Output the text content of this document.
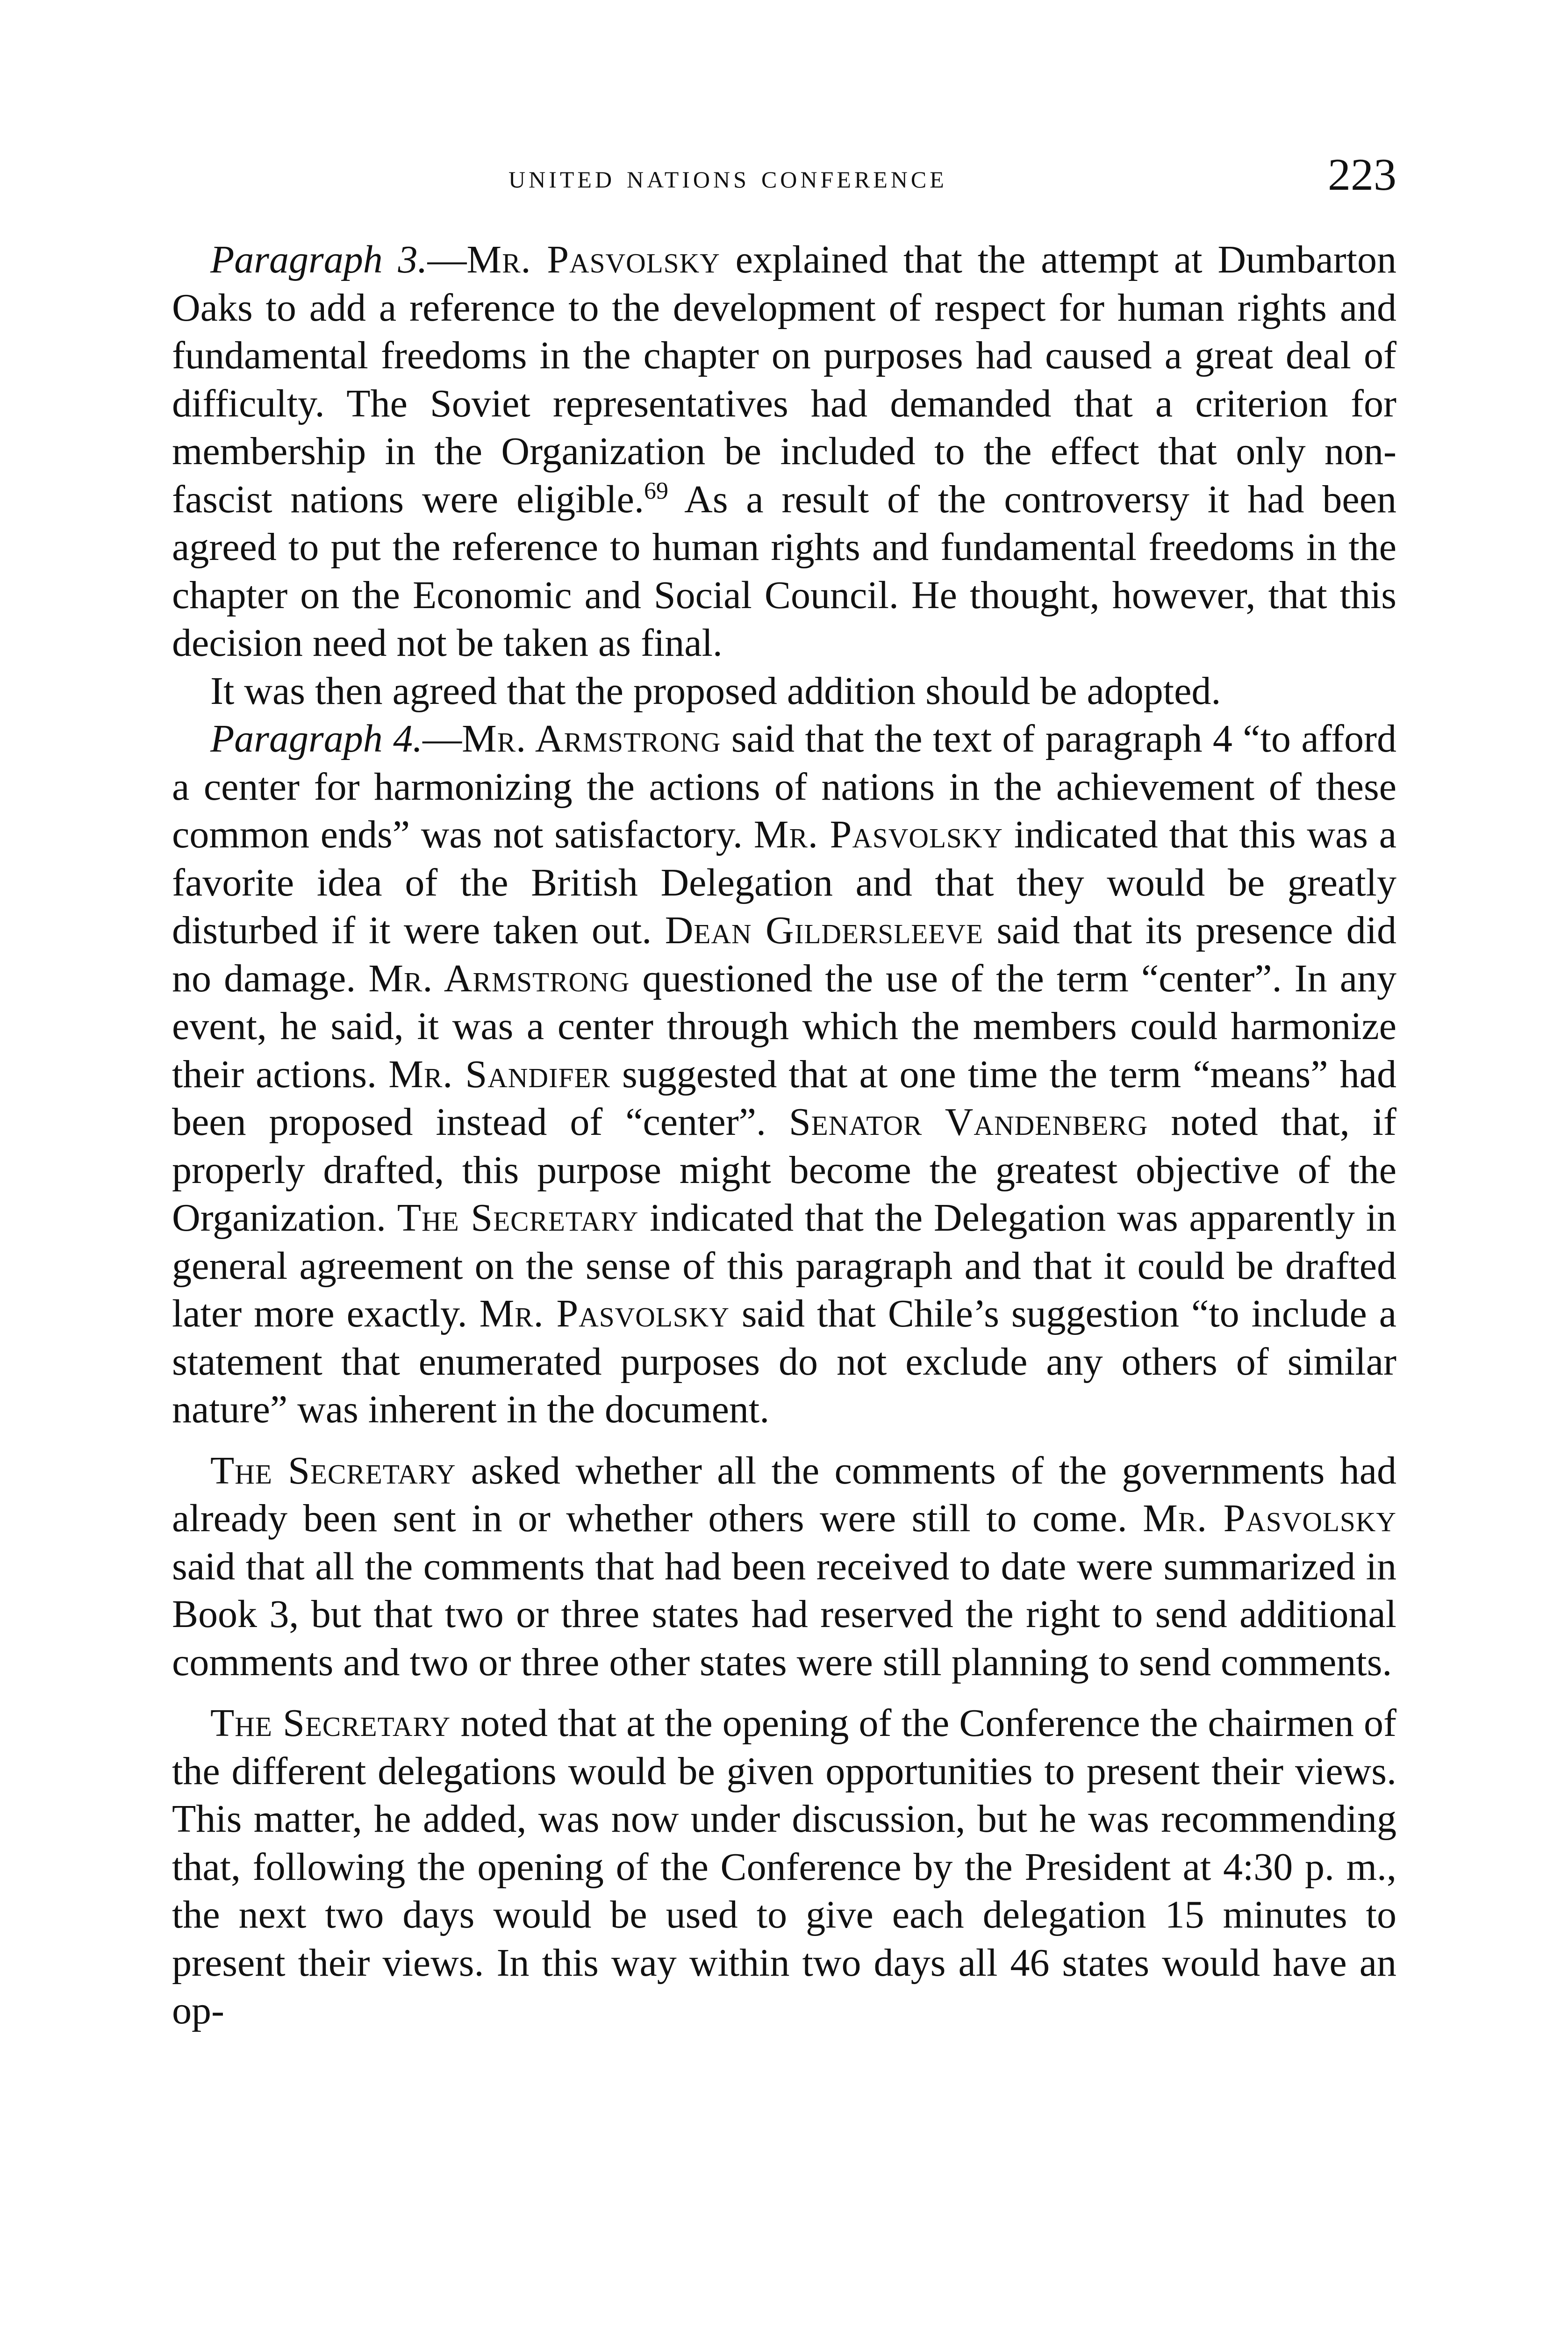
united nations conference	223

Paragraph 3.—Mr. Pasvolsky explained that the attempt at Dumbarton Oaks to add a reference to the development of respect for human rights and fundamental freedoms in the chapter on purposes had caused a great deal of difficulty. The Soviet representatives had demanded that a criterion for membership in the Organization be included to the effect that only non-fascist nations were eligible.$^{69}$ As a result of the controversy it had been agreed to put the reference to human rights and fundamental freedoms in the chapter on the Economic and Social Council. He thought, however, that this decision need not be taken as final.

It was then agreed that the proposed addition should be adopted.

Paragraph 4.—Mr. Armstrong said that the text of paragraph 4 “to afford a center for harmonizing the actions of nations in the achievement of these common ends” was not satisfactory. Mr. Pasvolsky indicated that this was a favorite idea of the British Delegation and that they would be greatly disturbed if it were taken out. Dean Gildersleeve said that its presence did no damage. Mr. Armstrong questioned the use of the term “center”. In any event, he said, it was a center through which the members could harmonize their actions. Mr. Sandifer suggested that at one time the term “means” had been proposed instead of “center”. Senator Vandenberg noted that, if properly drafted, this purpose might become the greatest objective of the Organization. The Secretary indicated that the Delegation was apparently in general agreement on the sense of this paragraph and that it could be drafted later more exactly. Mr. Pasvolsky said that Chile’s suggestion “to include a statement that enumerated purposes do not exclude any others of similar nature” was inherent in the document.

The Secretary asked whether all the comments of the governments had already been sent in or whether others were still to come. Mr. Pasvolsky said that all the comments that had been received to date were summarized in Book 3, but that two or three states had reserved the right to send additional comments and two or three other states were still planning to send comments.

The Secretary noted that at the opening of the Conference the chairmen of the different delegations would be given opportunities to present their views. This matter, he added, was now under discussion, but he was recommending that, following the opening of the Conference by the President at 4:30 p. m., the next two days would be used to give each delegation 15 minutes to present their views. In this way within two days all 46 states would have an op-
